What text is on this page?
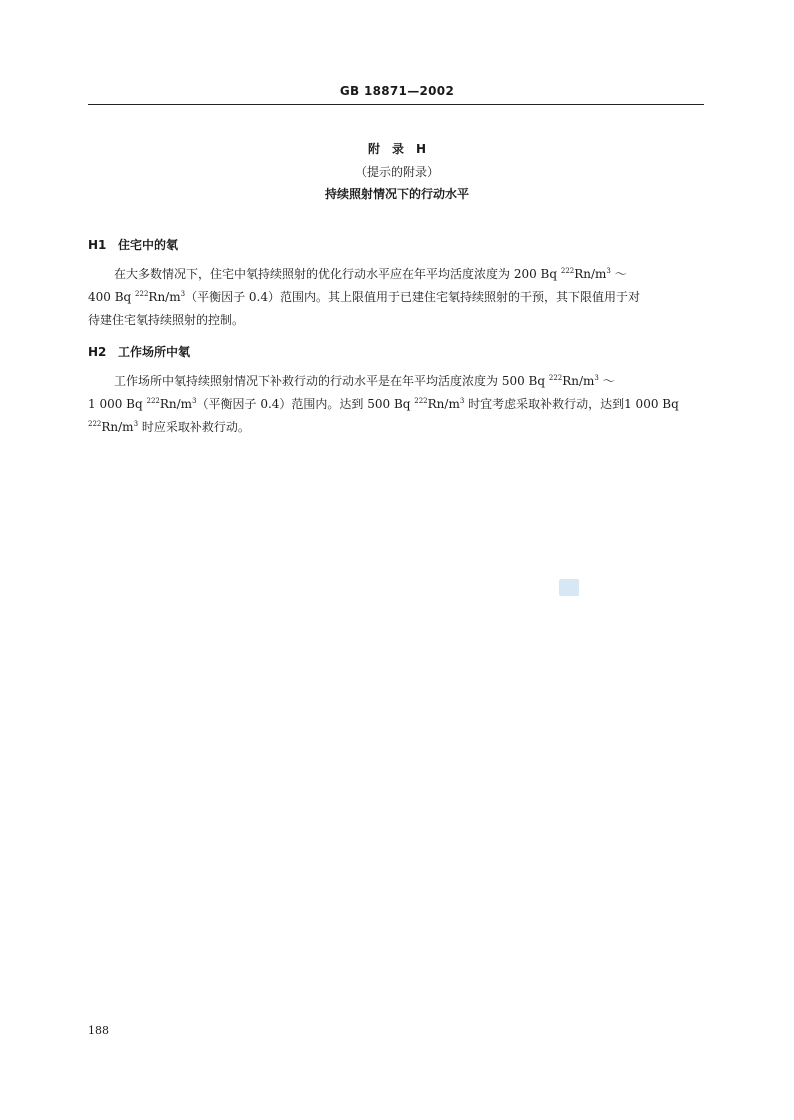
GB 18871—2002
附　录　H
（提示的附录）
持续照射情况下的行动水平
H1 住宅中的氡
在大多数情况下，住宅中氡持续照射的优化行动水平应在年平均活度浓度为 200 Bq $^{222}Rn/m^3$ ～
400 Bq $^{222}Rn/m^3$（平衡因子 0.4）范围内。其上限值用于已建住宅氡持续照射的干预，其下限值用于对
待建住宅氡持续照射的控制。
H2 工作场所中氡
工作场所中氡持续照射情况下补救行动的行动水平是在年平均活度浓度为 500 Bq $^{222}Rn/m^3$ ～
1 000 Bq $^{222}Rn/m^3$（平衡因子 0.4）范围内。达到 500 Bq $^{222}Rn/m^3$ 时宜考虑采取补救行动，达到1 000 Bq
$^{222}Rn/m^3$ 时应采取补救行动。
188
